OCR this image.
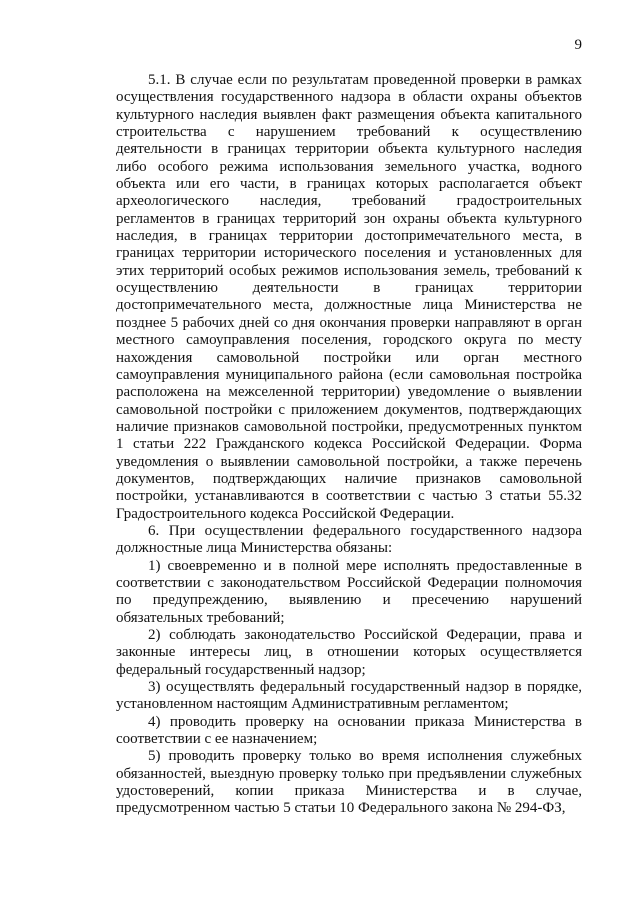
9

5.1. В случае если по результатам проведенной проверки в рамках осуществления государственного надзора в области охраны объектов культурного наследия выявлен факт размещения объекта капитального строительства с нарушением требований к осуществлению деятельности в границах территории объекта культурного наследия либо особого режима использования земельного участка, водного объекта или его части, в границах которых располагается объект археологического наследия, требований градостроительных регламентов в границах территорий зон охраны объекта культурного наследия, в границах территории достопримечательного места, в границах территории исторического поселения и установленных для этих территорий особых режимов использования земель, требований к осуществлению деятельности в границах территории достопримечательного места, должностные лица Министерства не позднее 5 рабочих дней со дня окончания проверки направляют в орган местного самоуправления поселения, городского округа по месту нахождения самовольной постройки или орган местного самоуправления муниципального района (если самовольная постройка расположена на межселенной территории) уведомление о выявлении самовольной постройки с приложением документов, подтверждающих наличие признаков самовольной постройки, предусмотренных пунктом 1 статьи 222 Гражданского кодекса Российской Федерации. Форма уведомления о выявлении самовольной постройки, а также перечень документов, подтверждающих наличие признаков самовольной постройки, устанавливаются в соответствии с частью 3 статьи 55.32 Градостроительного кодекса Российской Федерации.

6. При осуществлении федерального государственного надзора должностные лица Министерства обязаны:

1) своевременно и в полной мере исполнять предоставленные в соответствии с законодательством Российской Федерации полномочия по предупреждению, выявлению и пресечению нарушений обязательных требований;

2) соблюдать законодательство Российской Федерации, права и законные интересы лиц, в отношении которых осуществляется федеральный государственный надзор;

3) осуществлять федеральный государственный надзор в порядке, установленном настоящим Административным регламентом;

4) проводить проверку на основании приказа Министерства в соответствии с ее назначением;

5) проводить проверку только во время исполнения служебных обязанностей, выездную проверку только при предъявлении служебных удостоверений, копии приказа Министерства и в случае, предусмотренном частью 5 статьи 10 Федерального закона № 294-ФЗ,
